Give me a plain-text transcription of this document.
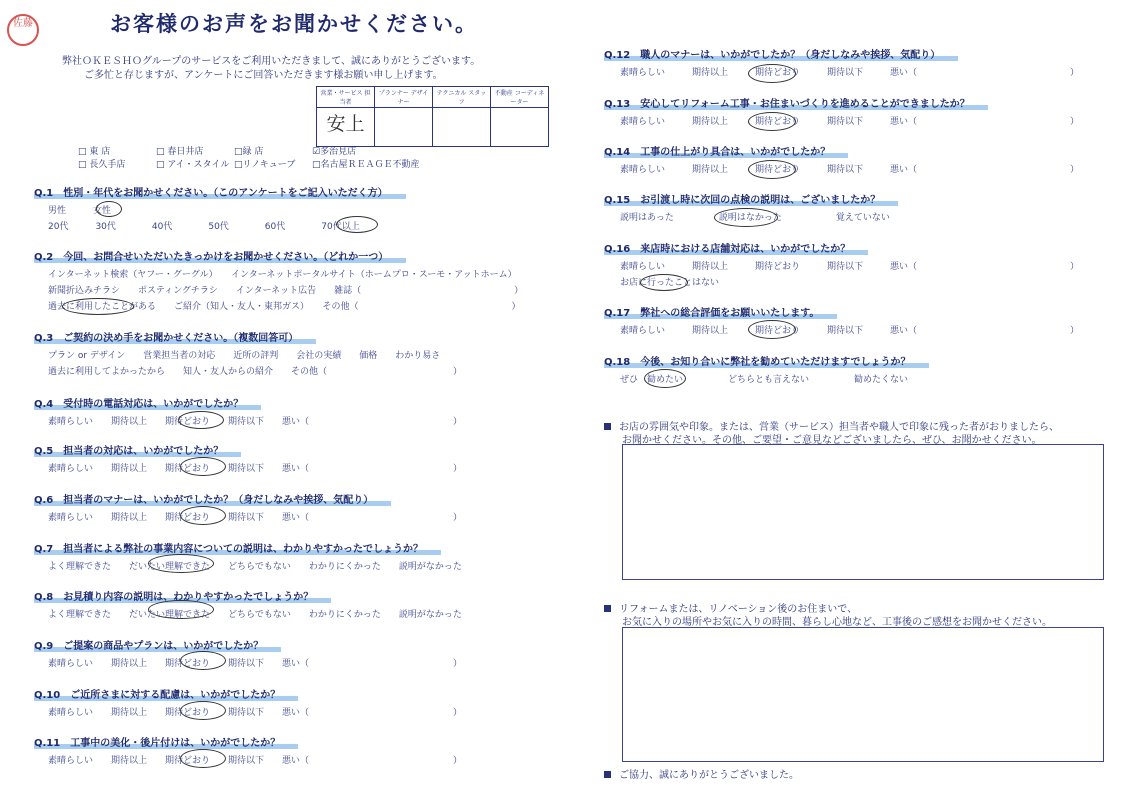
佐藤	お客様のお声をお聞かせください。
弊社ＯＫＥＳＨＯグループのサービスをご利用いただきまして、誠にありがとうございます。
ご多忙と存じますが、アンケートにご回答いただきます様お願い申し上げます。
営業・サービス 担当者	プランナー デザイナー	テクニカル スタッフ	不動産 コーディネーター
安上			
□ 東 店	□ 春日井店	□緑 店	☑多治見店
□ 長久手店	□ アイ・スタイル □リノキューブ □名古屋ＲＥＡＧＥ不動産
Q.1　性別・年代をお聞かせください。（このアンケートをご記入いただく方）
男性　　　女性
20代　　　30代　　　　40代　　　　50代　　　　60代　　　　70代以上
Q.2　今回、お問合せいただいたきっかけをお聞かせください。（どれか一つ）
インターネット検索（ヤフー・グーグル）　　インターネットポータルサイト（ホームプロ・スーモ・アットホーム）
新聞折込みチラシ　　ポスティングチラシ　　インターネット広告　　雑誌（　　　　　　　　　　　　　　　　　）
過去に利用したことがある　　ご紹介（知人・友人・東邦ガス）　　その他（　　　　　　　　　　　　　　　　　）
Q.3　ご契約の決め手をお聞かせください。（複数回答可）
プラン or デザイン　　営業担当者の対応　　近所の評判　　会社の実績　　価格　　わかり易さ
過去に利用してよかったから　　知人・友人からの紹介　　その他（　　　　　　　　　　　　　　）
Q.4　受付時の電話対応は、いかがでしたか？
素晴らしい　　期待以上　　期待どおり　　期待以下　　悪い（　　　　　　　　　　　　　　　　）
Q.5　担当者の対応は、いかがでしたか？
素晴らしい　　期待以上　　期待どおり　　期待以下　　悪い（　　　　　　　　　　　　　　　　）
Q.6　担当者のマナーは、いかがでしたか？（身だしなみや挨拶、気配り）
素晴らしい　　期待以上　　期待どおり　　期待以下　　悪い（　　　　　　　　　　　　　　　　）
Q.7　担当者による弊社の事業内容についての説明は、わかりやすかったでしょうか？
よく理解できた　　だいたい理解できた　　どちらでもない　　わかりにくかった　　説明がなかった
Q.8　お見積り内容の説明は、わかりやすかったでしょうか？
よく理解できた　　だいたい理解できた　　どちらでもない　　わかりにくかった　　説明がなかった
Q.9　ご提案の商品やプランは、いかがでしたか？
素晴らしい　　期待以上　　期待どおり　　期待以下　　悪い（　　　　　　　　　　　　　　　　）
Q.10　ご近所さまに対する配慮は、いかがでしたか？
素晴らしい　　期待以上　　期待どおり　　期待以下　　悪い（　　　　　　　　　　　　　　　　）
Q.11　工事中の美化・後片付けは、いかがでしたか？
素晴らしい　　期待以上　　期待どおり　　期待以下　　悪い（　　　　　　　　　　　　　　　　）
Q.12　職人のマナーは、いかがでしたか？（身だしなみや挨拶、気配り）
素晴らしい　　　期待以上　　　期待どおり　　　期待以下　　　悪い（　　　　　　　　　　　　　　　　　）
Q.13　安心してリフォーム工事・お住まいづくりを進めることができましたか？
素晴らしい　　　期待以上　　　期待どおり　　　期待以下　　　悪い（　　　　　　　　　　　　　　　　　）
Q.14　工事の仕上がり具合は、いかがでしたか？
素晴らしい　　　期待以上　　　期待どおり　　　期待以下　　　悪い（　　　　　　　　　　　　　　　　　）
Q.15　お引渡し時に次回の点検の説明は、ございましたか？
説明はあった　　　　　説明はなかった　　　　　　覚えていない
Q.16　来店時における店舗対応は、いかがでしたか？
素晴らしい　　　期待以上　　　期待どおり　　　期待以下　　　悪い（　　　　　　　　　　　　　　　　　）
お店に行ったことはない
Q.17　弊社への総合評価をお願いいたします。
素晴らしい　　　期待以上　　　期待どおり　　　期待以下　　　悪い（　　　　　　　　　　　　　　　　　）
Q.18　今後、お知り合いに弊社を勧めていただけますでしょうか？
ぜひ　勧めたい　　　　　どちらとも言えない　　　　　勧めたくない
お店の雰囲気や印象。または、営業（サービス）担当者や職人で印象に残った者がおりましたら、
お聞かせください。その他、ご要望・ご意見などございましたら、ぜひ、お聞かせください。
リフォームまたは、リノベーション後のお住まいで、
お気に入りの場所やお気に入りの時間、暮らし心地など、工事後のご感想をお聞かせください。
ご協力、誠にありがとうございました。
